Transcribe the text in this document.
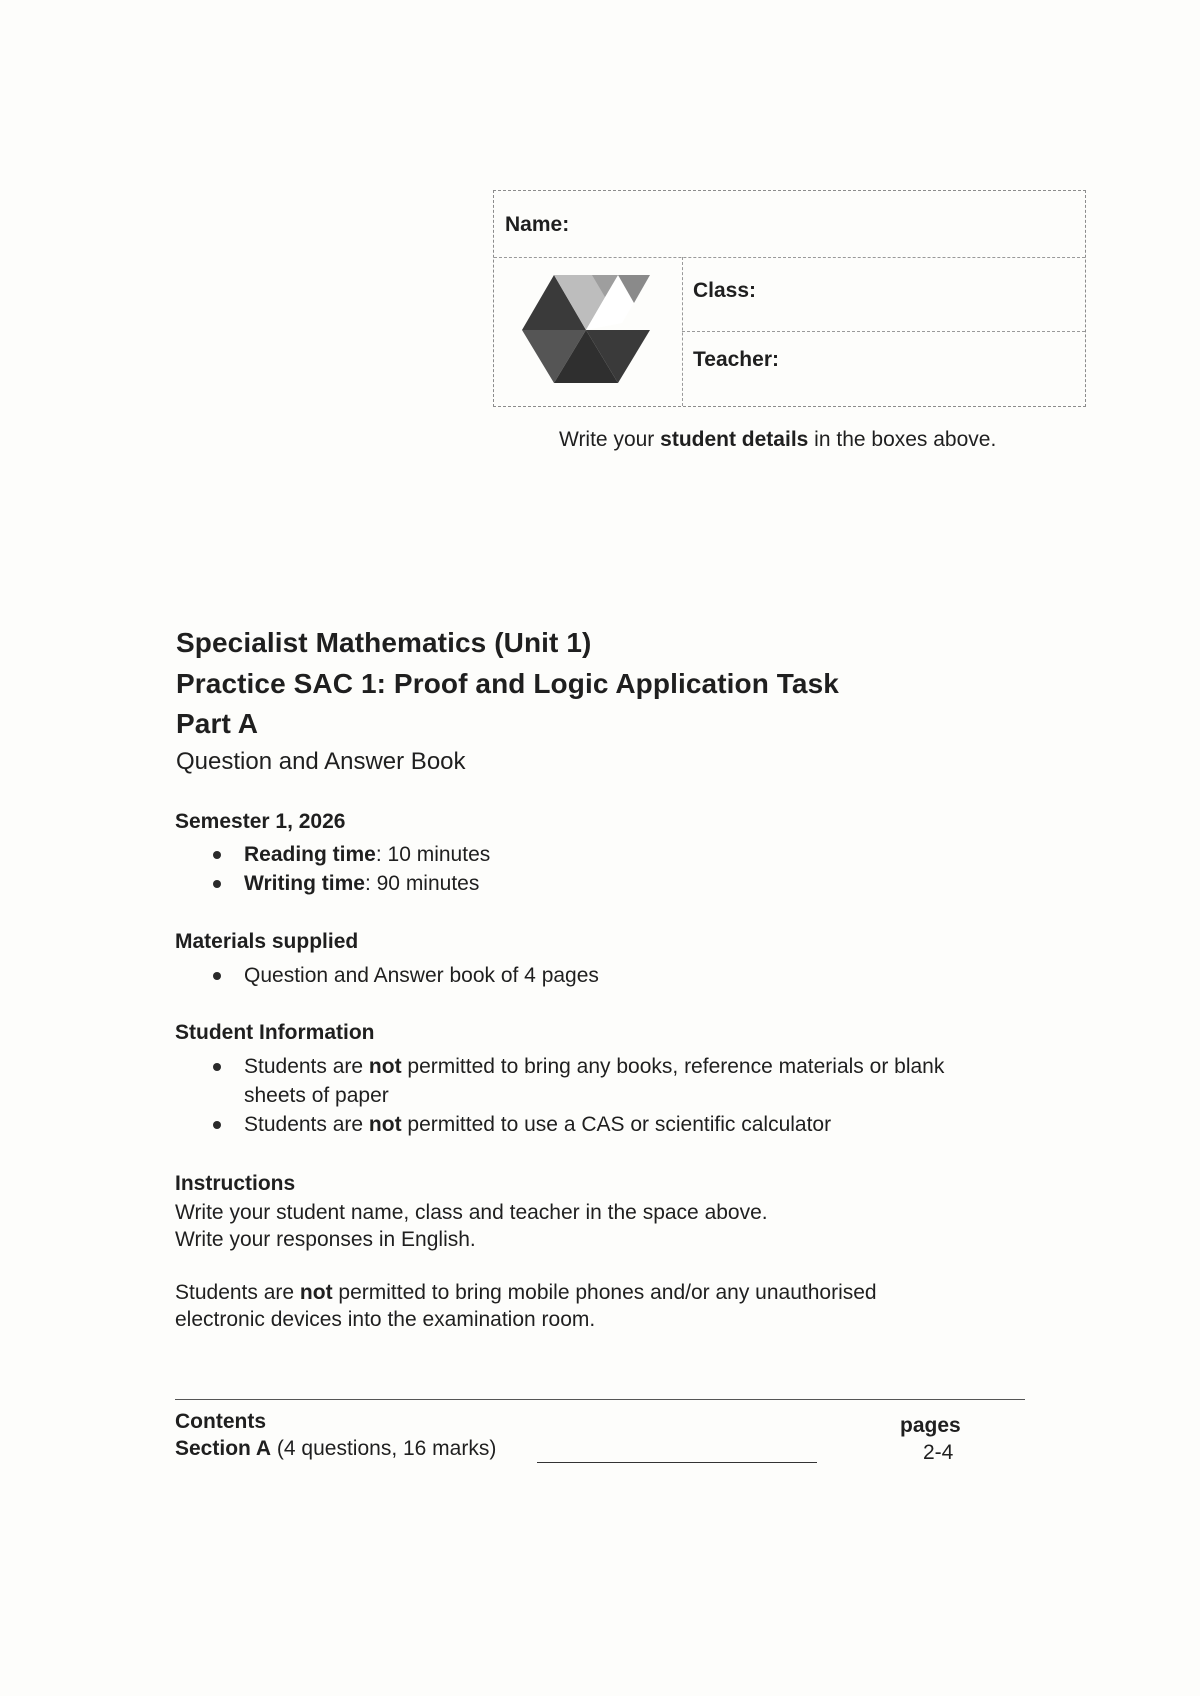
Name:
Class:
Teacher:
Write your student details in the boxes above.
Specialist Mathematics (Unit 1)
Practice SAC 1: Proof and Logic Application Task
Part A
Question and Answer Book
Semester 1, 2026
Reading time: 10 minutes
Writing time: 90 minutes
Materials supplied
Question and Answer book of 4 pages
Student Information
Students are not permitted to bring any books, reference materials or blank
sheets of paper
Students are not permitted to use a CAS or scientific calculator
Instructions
Write your student name, class and teacher in the space above.
Write your responses in English.
Students are not permitted to bring mobile phones and/or any unauthorised
electronic devices into the examination room.
Contents
Section A (4 questions, 16 marks)
pages
2-4
